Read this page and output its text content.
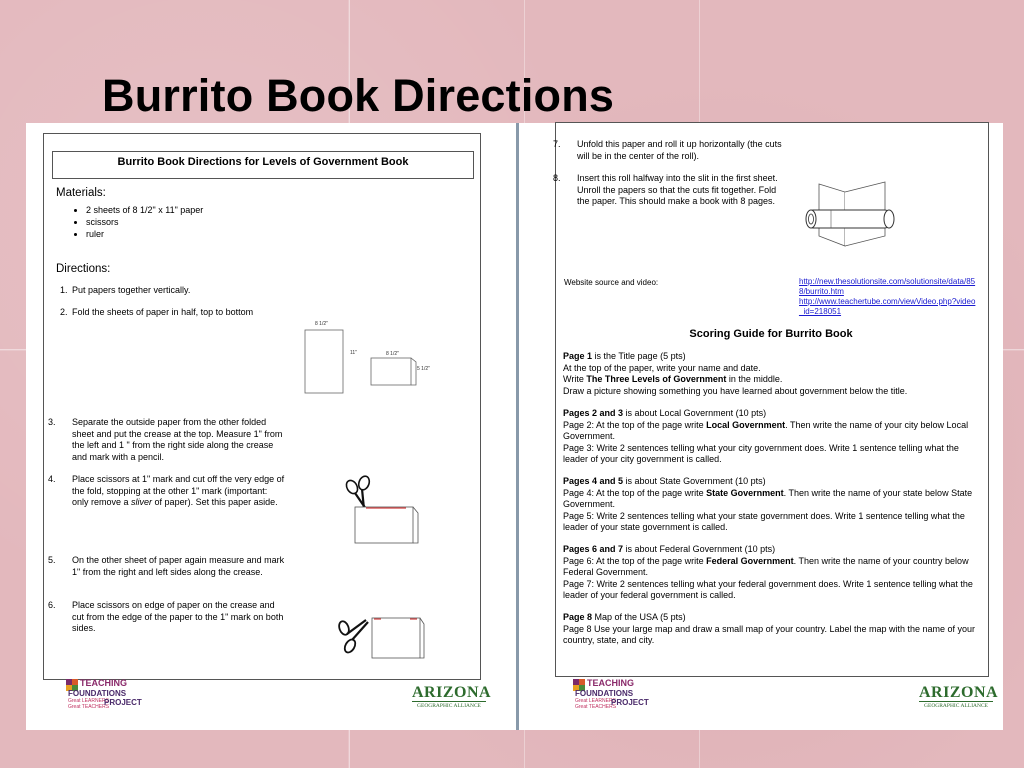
Burrito Book Directions
Burrito Book Directions for Levels of Government Book
Materials:
• 2 sheets of 8 1/2" x 11" paper
• scissors
• ruler
Directions:
1. Put papers together vertically.
2. Fold the sheets of paper in half, top to bottom
8 1/2"
11"	8 1/2"
5 1/2"
3. Separate the outside paper from the other folded sheet and put the crease at the top. Measure 1" from the left and 1 " from the right side along the crease and mark with a pencil.
4. Place scissors at 1" mark and cut off the very edge of the fold, stopping at the other 1" mark (important: only remove a sliver of paper). Set this paper aside.
5. On the other sheet of paper again measure and mark 1" from the right and left sides along the crease.
6. Place scissors on edge of paper on the crease and cut from the edge of the paper to the 1" mark on both sides.
TEACHING
FOUNDATIONS
Great LEARNERS
Great TEACHERS
PROJECT
ARIZONA
GEOGRAPHIC ALLIANCE
7. Unfold this paper and roll it up horizontally (the cuts will be in the center of the roll).
8. Insert this roll halfway into the slit in the first sheet. Unroll the papers so that the cuts fit together. Fold the paper. This should make a book with 8 pages.
Website source and video:	http://new.thesolutionsite.com/solutionsite/data/858/burrito.htm
http://www.teachertube.com/viewVideo.php?video_id=218051
Scoring Guide for Burrito Book
Page 1 is the Title page (5 pts)
At the top of the paper, write your name and date.
Write The Three Levels of Government in the middle.
Draw a picture showing something you have learned about government below the title.
Pages 2 and 3 is about Local Government (10 pts)
Page 2: At the top of the page write Local Government. Then write the name of your city below Local Government.
Page 3: Write 2 sentences telling what your city government does. Write 1 sentence telling what the leader of your city government is called.
Pages 4 and 5 is about State Government (10 pts)
Page 4: At the top of the page write State Government. Then write the name of your state below State Government.
Page 5: Write 2 sentences telling what your state government does. Write 1 sentence telling what the leader of your state government is called.
Pages 6 and 7 is about Federal Government (10 pts)
Page 6: At the top of the page write Federal Government. Then write the name of your country below Federal Government.
Page 7: Write 2 sentences telling what your federal government does. Write 1 sentence telling what the leader of your federal government is called.
Page 8 Map of the USA (5 pts)
Page 8 Use your large map and draw a small map of your country. Label the map with the name of your country, state, and city.
TEACHING
FOUNDATIONS
Great LEARNERS
Great TEACHERS
PROJECT
ARIZONA
GEOGRAPHIC ALLIANCE
